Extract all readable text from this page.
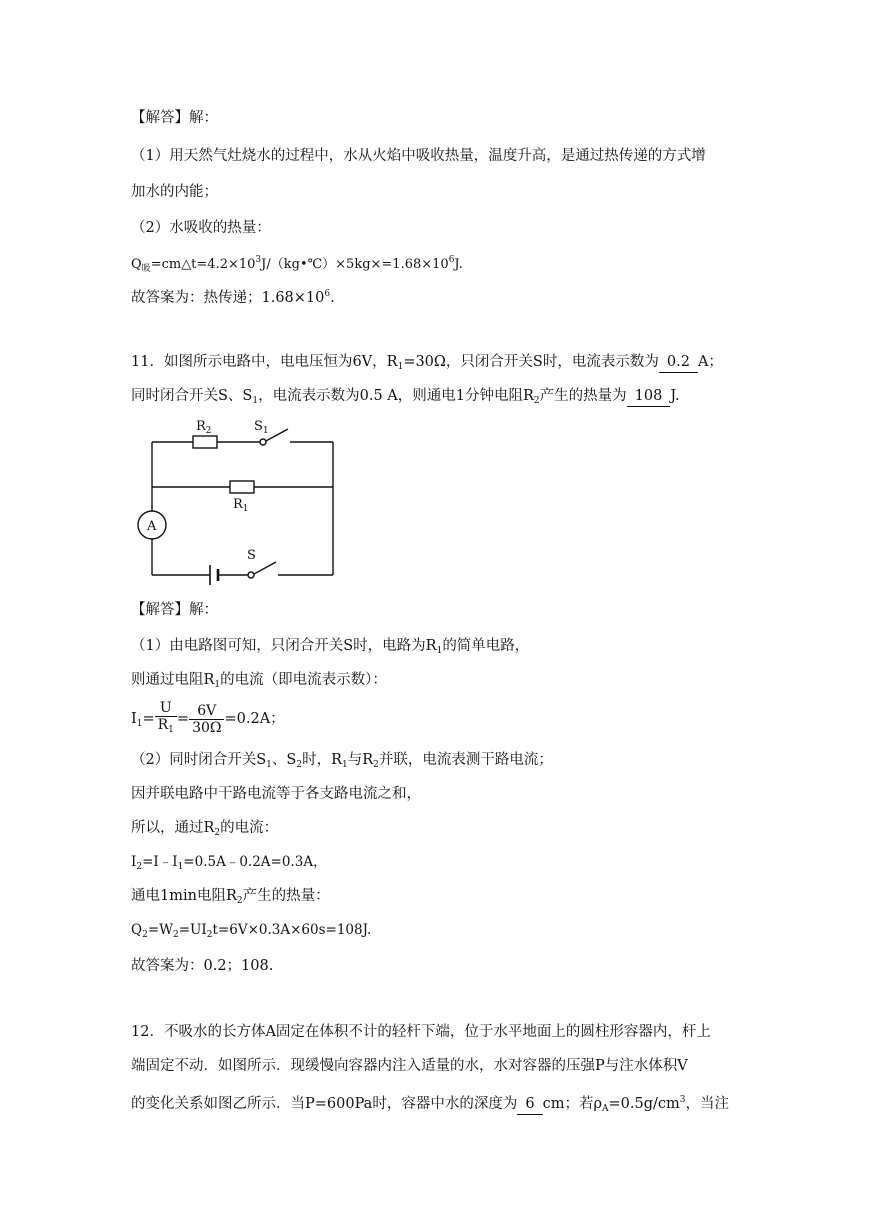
【解答】解：
（1）用天然气灶烧水的过程中，水从火焰中吸收热量，温度升高，是通过热传递的方式增
加水的内能；
（2）水吸收的热量：
$Q_吸=cm\triangle t=4.2\times 10^3J/(kg•℃)\times 5kg\times=1.68\times 10^6J$.
故答案为：热传递；$1.68\times 10^6$.
11．如图所示电路中，电电压恒为6V，$R_1=30\Omega$，只闭合开关S时，电流表示数为 0.2 A；
同时闭合开关S、$S_1$，电流表示数为0.5 A，则通电1分钟电阻$R_2$产生的热量为 108 J.
$R_2$	$S_1$
$R_1$
A
S
【解答】解：
（1）由电路图可知，只闭合开关S时，电路为$R_1$的简单电路，
则通过电阻$R_1$的电流（即电流表示数）：
$I_1= \frac{U}{R_1} = \frac{6V}{30\Omega} =0.2A$；
（2）同时闭合开关$S_1$、$S_2$时，$R_1$与$R_2$并联，电流表测干路电流；
因并联电路中干路电流等于各支路电流之和，
所以，通过$R_2$的电流：
$I_2=I﹣I_1=0.5A﹣0.2A=0.3A$，
通电1min电阻$R_2$产生的热量：
$Q_2=W_2=UI_2t=6V\times 0.3A\times 60s=108J$.
故答案为：0.2；108.
12．不吸水的长方体A固定在体积不计的轻杆下端，位于水平地面上的圆柱形容器内，杆上
端固定不动．如图所示．现缓慢向容器内注入适量的水，水对容器的压强P与注水体积V
的变化关系如图乙所示．当P=600Pa时，容器中水的深度为 6 cm；若$\rho_A=0.5g/cm^3$，当注
